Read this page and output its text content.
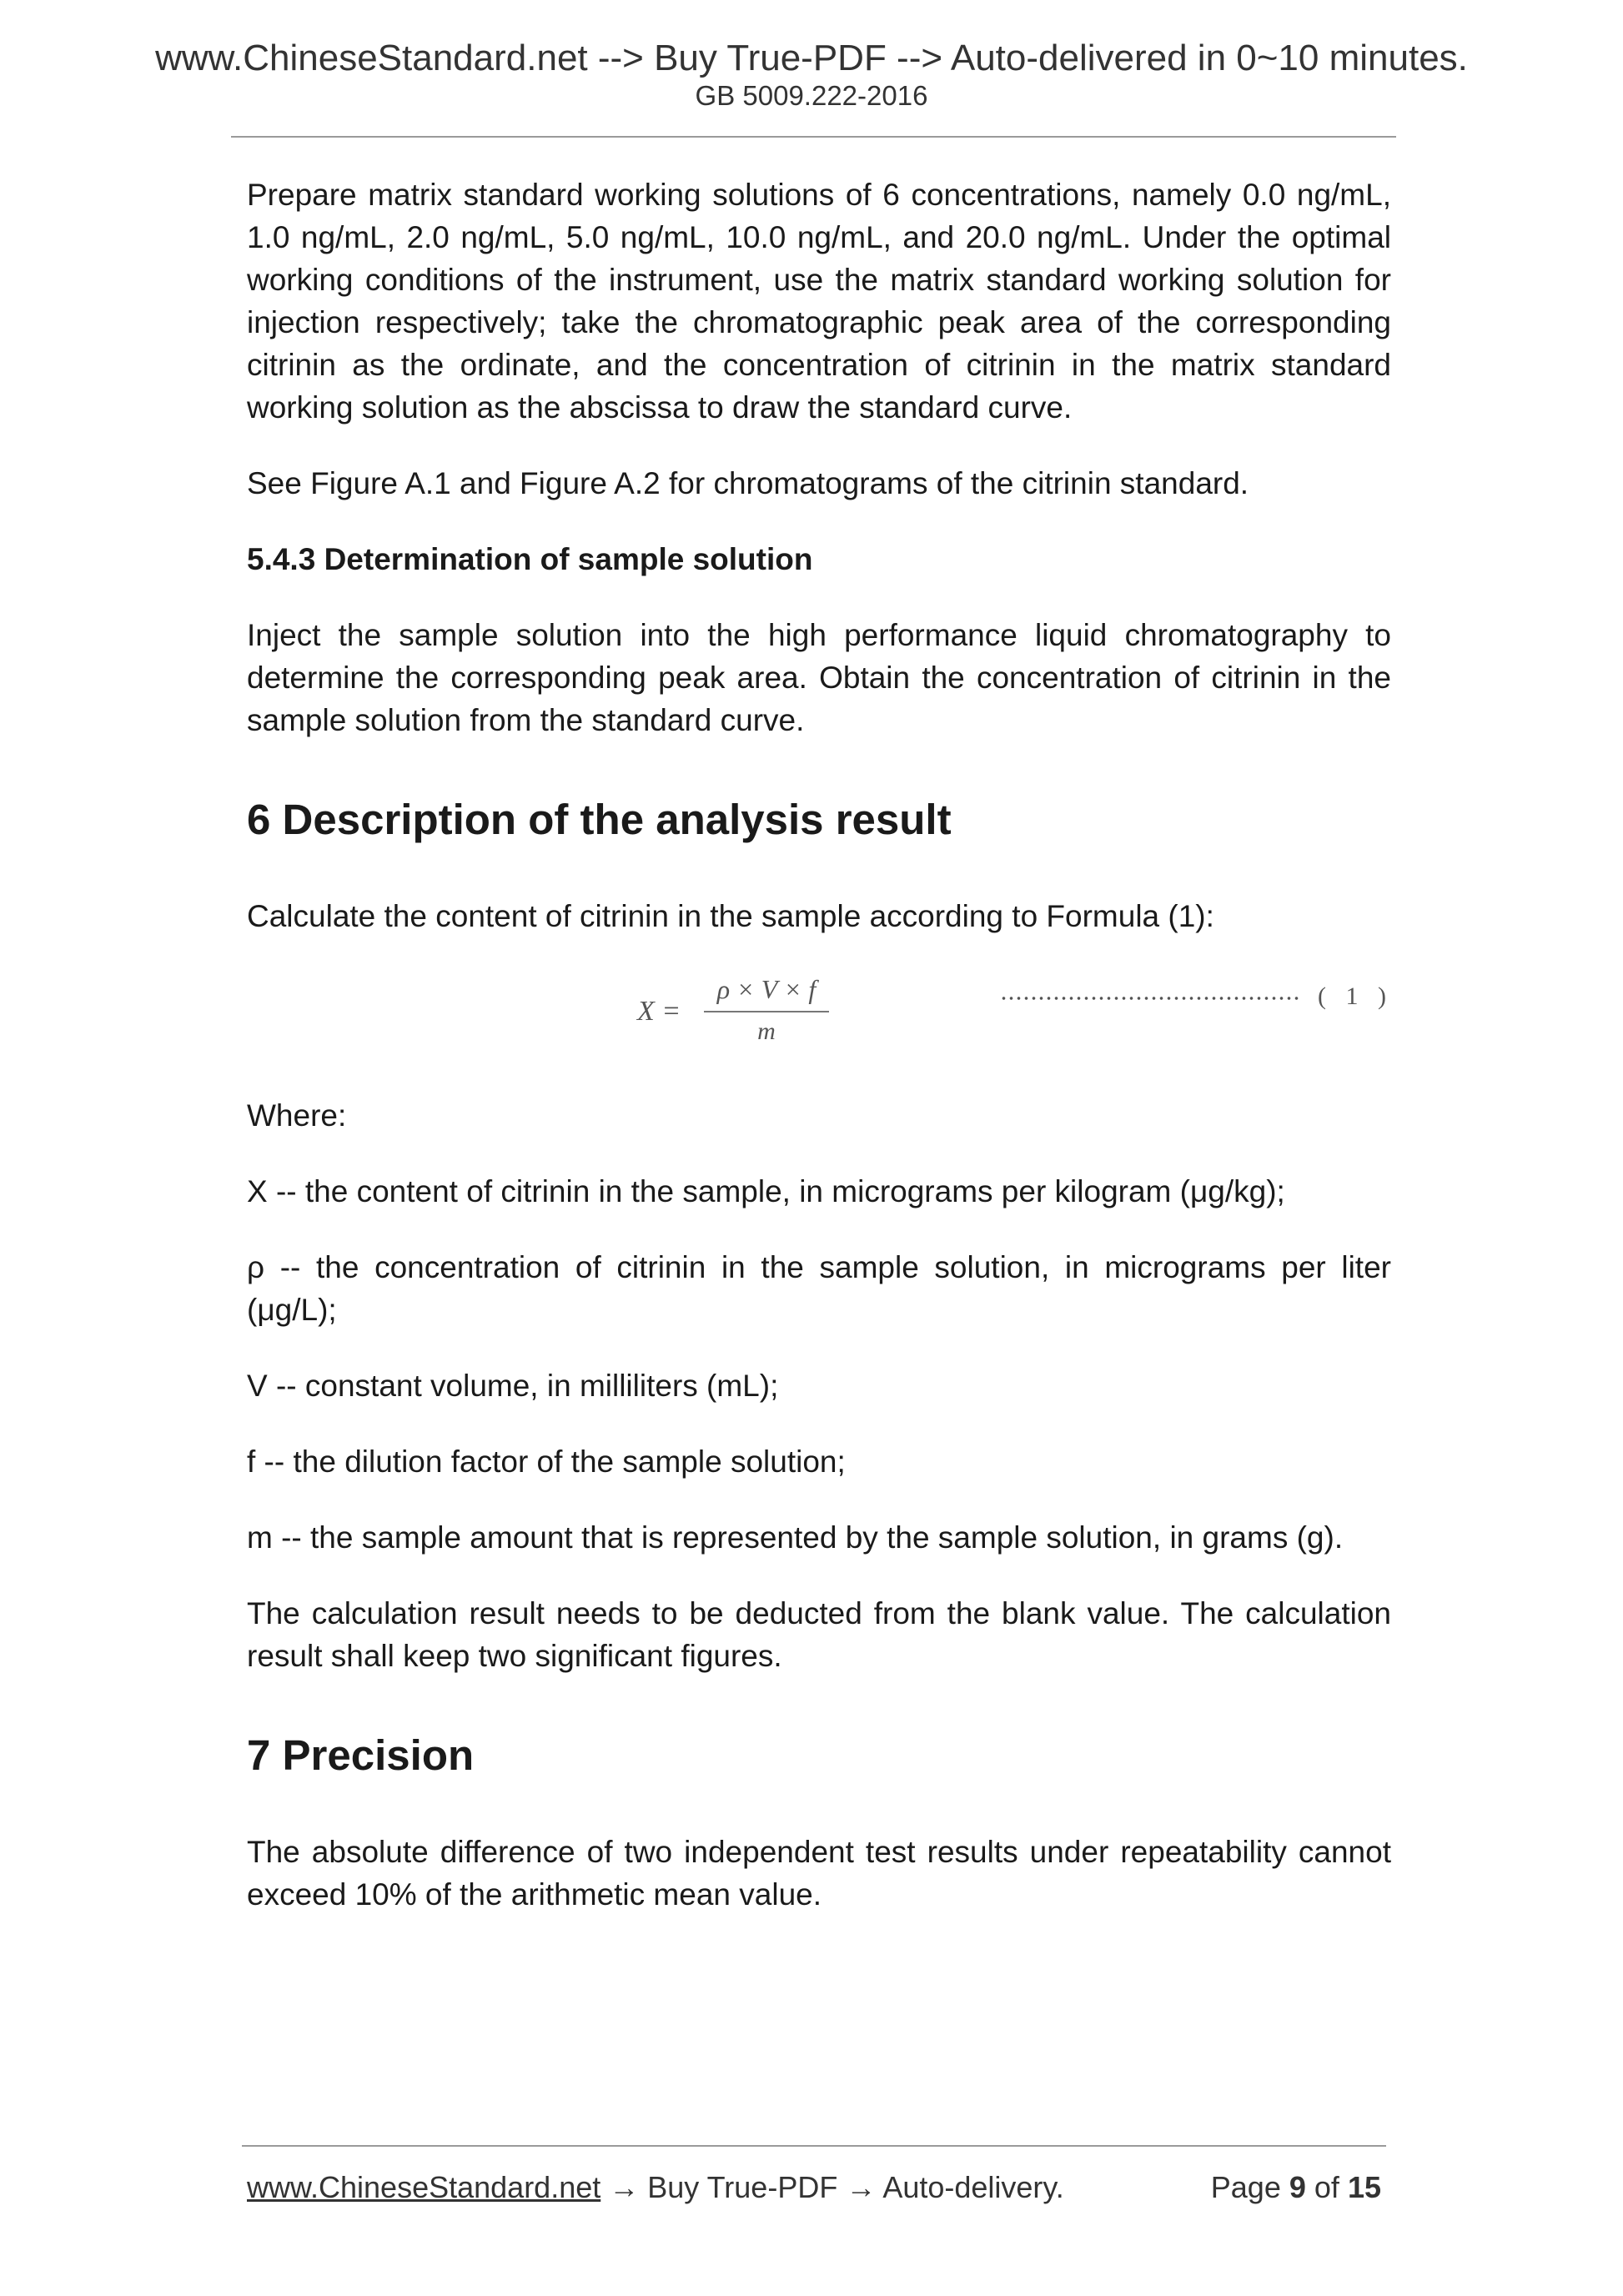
www.ChineseStandard.net --> Buy True-PDF --> Auto-delivered in 0~10 minutes.
GB 5009.222-2016

Prepare matrix standard working solutions of 6 concentrations, namely 0.0 ng/mL, 1.0 ng/mL, 2.0 ng/mL, 5.0 ng/mL, 10.0 ng/mL, and 20.0 ng/mL. Under the optimal working conditions of the instrument, use the matrix standard working solution for injection respectively; take the chromatographic peak area of the corresponding citrinin as the ordinate, and the concentration of citrinin in the matrix standard working solution as the abscissa to draw the standard curve.

See Figure A.1 and Figure A.2 for chromatograms of the citrinin standard.

5.4.3 Determination of sample solution

Inject the sample solution into the high performance liquid chromatography to determine the corresponding peak area. Obtain the concentration of citrinin in the sample solution from the standard curve.

6 Description of the analysis result

Calculate the content of citrinin in the sample according to Formula (1):

X =
ρ × V × f
m
( 1 )

Where:

X -- the content of citrinin in the sample, in micrograms per kilogram (μg/kg);

ρ -- the concentration of citrinin in the sample solution, in micrograms per liter (μg/L);

V -- constant volume, in milliliters (mL);

f -- the dilution factor of the sample solution;

m -- the sample amount that is represented by the sample solution, in grams (g).

The calculation result needs to be deducted from the blank value. The calculation result shall keep two significant figures.

7 Precision

The absolute difference of two independent test results under repeatability cannot exceed 10% of the arithmetic mean value.

www.ChineseStandard.net → Buy True-PDF → Auto-delivery.	Page 9 of 15
